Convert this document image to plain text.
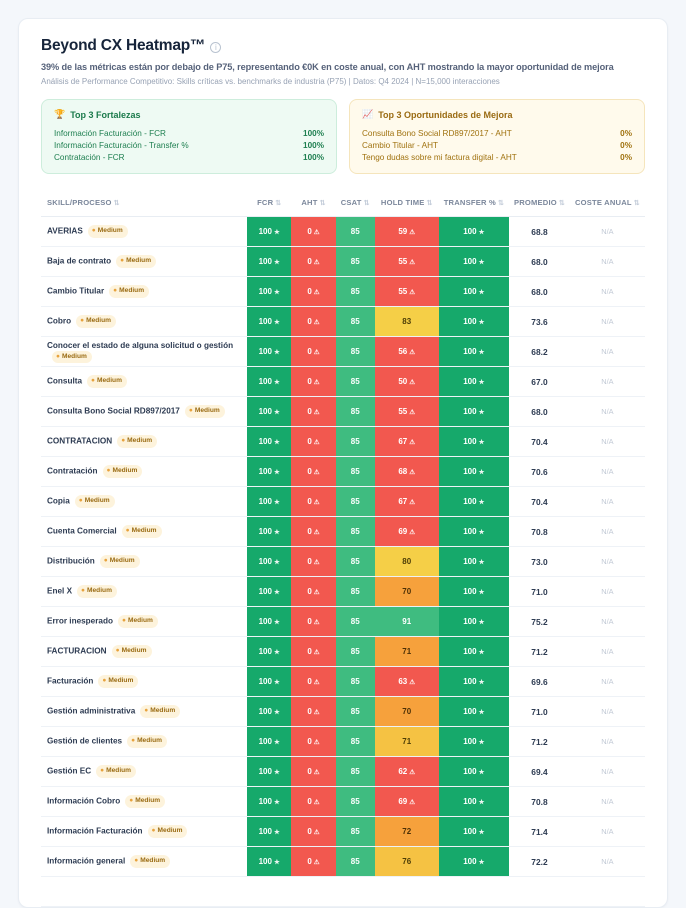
Beyond CX Heatmap™	i
39% de las métricas están por debajo de P75, representando €0K en coste anual, con AHT mostrando la mayor oportunidad de mejora
Análisis de Performance Competitivo: Skills críticas vs. benchmarks de industria (P75) | Datos: Q4 2024 | N=15,000 interacciones
🏆 Top 3 Fortalezas
Información Facturación - FCR	100%
Información Facturación - Transfer %	100%
Contratación - FCR	100%
📈 Top 3 Oportunidades de Mejora
Consulta Bono Social RD897/2017 - AHT	0%
Cambio Titular - AHT	0%
Tengo dudas sobre mi factura digital - AHT	0%
SKILL/PROCESO ⇅	FCR ⇅	AHT ⇅	CSAT ⇅	HOLD TIME ⇅	TRANSFER % ⇅	PROMEDIO ⇅	COSTE ANUAL ⇅
AVERIAS ● Medium	100 ★	0 ⚠	85	59 ⚠	100 ★	68.8	N/A
Baja de contrato ● Medium	100 ★	0 ⚠	85	55 ⚠	100 ★	68.0	N/A
Cambio Titular ● Medium	100 ★	0 ⚠	85	55 ⚠	100 ★	68.0	N/A
Cobro ● Medium	100 ★	0 ⚠	85	83	100 ★	73.6	N/A
Conocer el estado de alguna solicitud o gestión● Medium	100 ★	0 ⚠	85	56 ⚠	100 ★	68.2	N/A
Consulta ● Medium	100 ★	0 ⚠	85	50 ⚠	100 ★	67.0	N/A
Consulta Bono Social RD897/2017 ● Medium	100 ★	0 ⚠	85	55 ⚠	100 ★	68.0	N/A
CONTRATACION ● Medium	100 ★	0 ⚠	85	67 ⚠	100 ★	70.4	N/A
Contratación ● Medium	100 ★	0 ⚠	85	68 ⚠	100 ★	70.6	N/A
Copia ● Medium	100 ★	0 ⚠	85	67 ⚠	100 ★	70.4	N/A
Cuenta Comercial ● Medium	100 ★	0 ⚠	85	69 ⚠	100 ★	70.8	N/A
Distribución ● Medium	100 ★	0 ⚠	85	80	100 ★	73.0	N/A
Enel X ● Medium	100 ★	0 ⚠	85	70	100 ★	71.0	N/A
Error inesperado ● Medium	100 ★	0 ⚠	85	91	100 ★	75.2	N/A
FACTURACION ● Medium	100 ★	0 ⚠	85	71	100 ★	71.2	N/A
Facturación ● Medium	100 ★	0 ⚠	85	63 ⚠	100 ★	69.6	N/A
Gestión administrativa ● Medium	100 ★	0 ⚠	85	70	100 ★	71.0	N/A
Gestión de clientes ● Medium	100 ★	0 ⚠	85	71	100 ★	71.2	N/A
Gestión EC ● Medium	100 ★	0 ⚠	85	62 ⚠	100 ★	69.4	N/A
Información Cobro ● Medium	100 ★	0 ⚠	85	69 ⚠	100 ★	70.8	N/A
Información Facturación ● Medium	100 ★	0 ⚠	85	72	100 ★	71.4	N/A
Información general ● Medium	100 ★	0 ⚠	85	76	100 ★	72.2	N/A
